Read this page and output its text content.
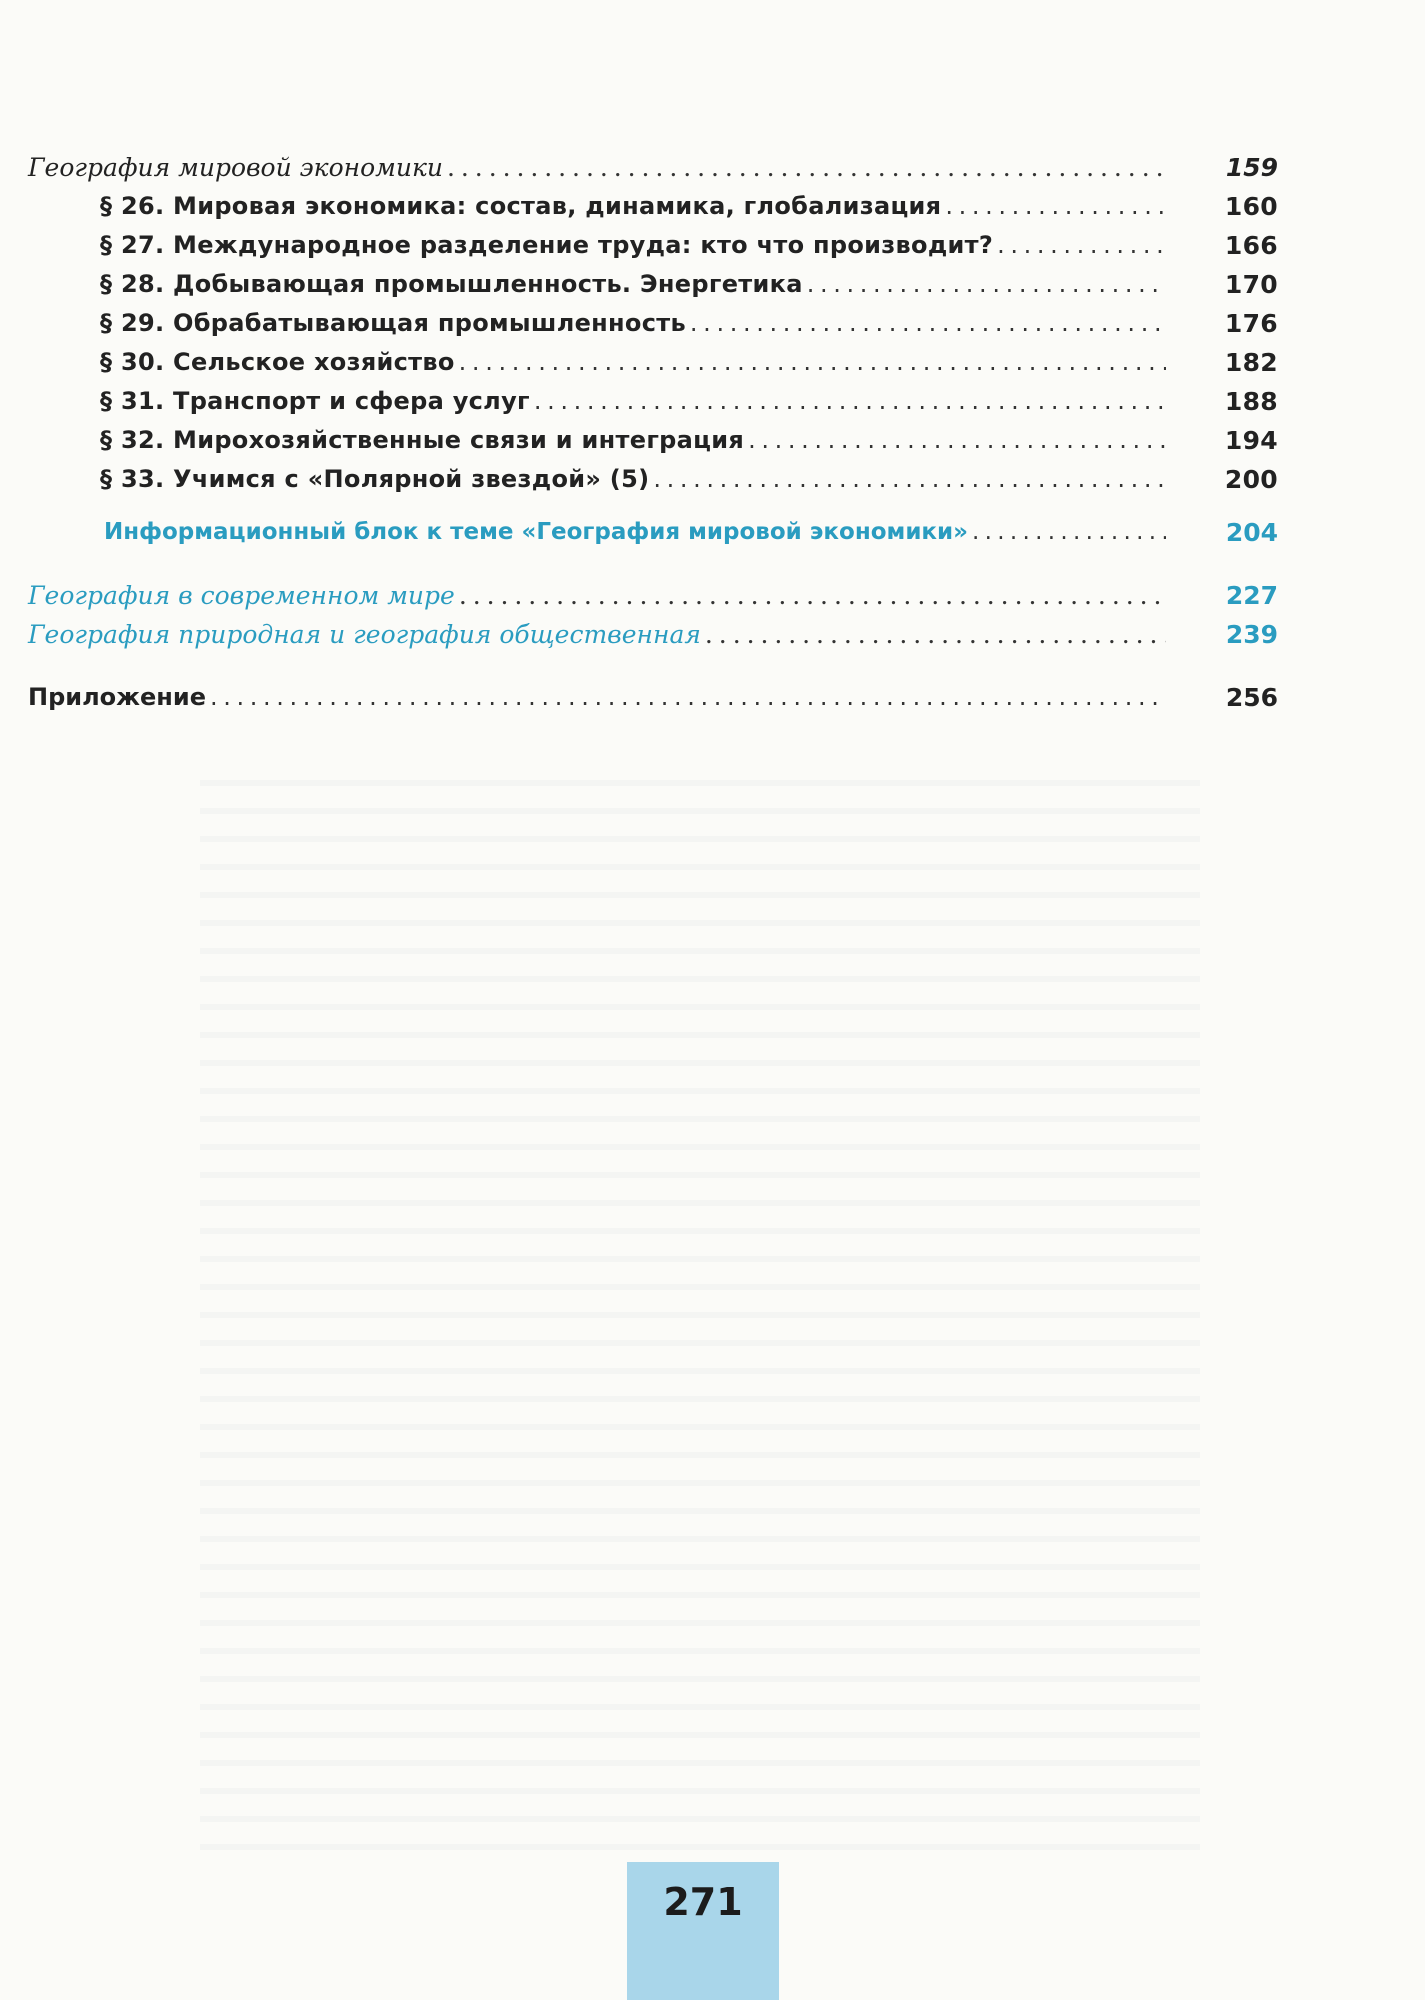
География мировой экономики . . .	159
§ 26. Мировая экономика: состав, динамика, глобализация . . .	160
§ 27. Международное разделение труда: кто что производит? . . .	166
§ 28. Добывающая промышленность. Энергетика . . .	170
§ 29. Обрабатывающая промышленность . . .	176
§ 30. Сельское хозяйство . . .	182
§ 31. Транспорт и сфера услуг . . .	188
§ 32. Мирохозяйственные связи и интеграция . . .	194
§ 33. Учимся с «Полярной звездой» (5) . . .	200
Информационный блок к теме «География мировой экономики» . . .	204
География в современном мире . . .	227
География природная и география общественная . . .	239
Приложение . . .	256
271
